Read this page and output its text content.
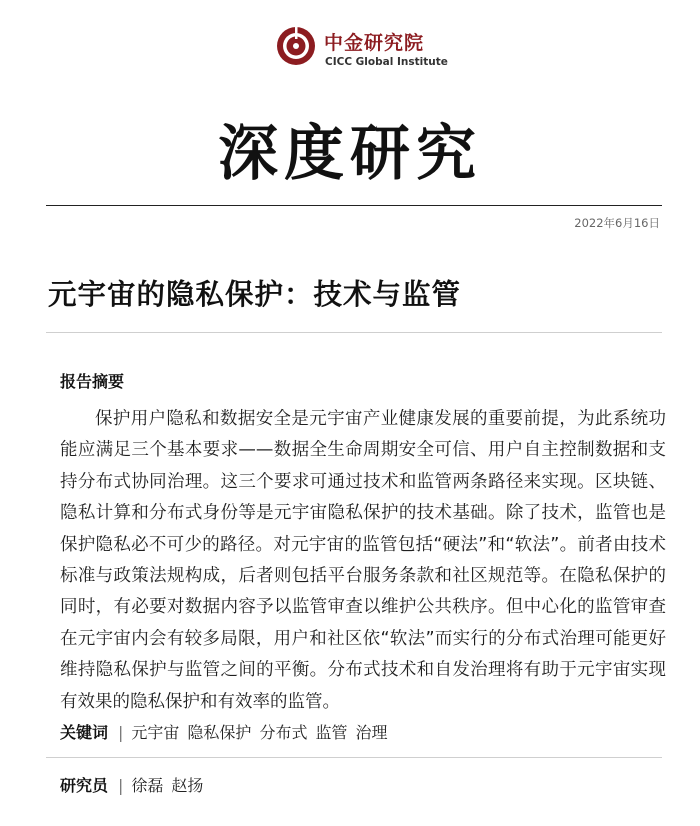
中金研究院
CICC Global Institute
深度研究
2022年6月16日
元宇宙的隐私保护：技术与监管
报告摘要

保护用户隐私和数据安全是元宇宙产业健康发展的重要前提，为此系统功能应满足三个基本要求——数据全生命周期安全可信、用户自主控制数据和支持分布式协同治理。这三个要求可通过技术和监管两条路径来实现。区块链、隐私计算和分布式身份等是元宇宙隐私保护的技术基础。除了技术，监管也是保护隐私必不可少的路径。对元宇宙的监管包括“硬法”和“软法”。前者由技术标准与政策法规构成，后者则包括平台服务条款和社区规范等。在隐私保护的同时，有必要对数据内容予以监管审查以维护公共秩序。但中心化的监管审查在元宇宙内会有较多局限，用户和社区依“软法”而实行的分布式治理可能更好维持隐私保护与监管之间的平衡。分布式技术和自发治理将有助于元宇宙实现有效果的隐私保护和有效率的监管。

关键词 | 元宇宙 隐私保护 分布式 监管 治理
研究员 | 徐磊 赵扬
